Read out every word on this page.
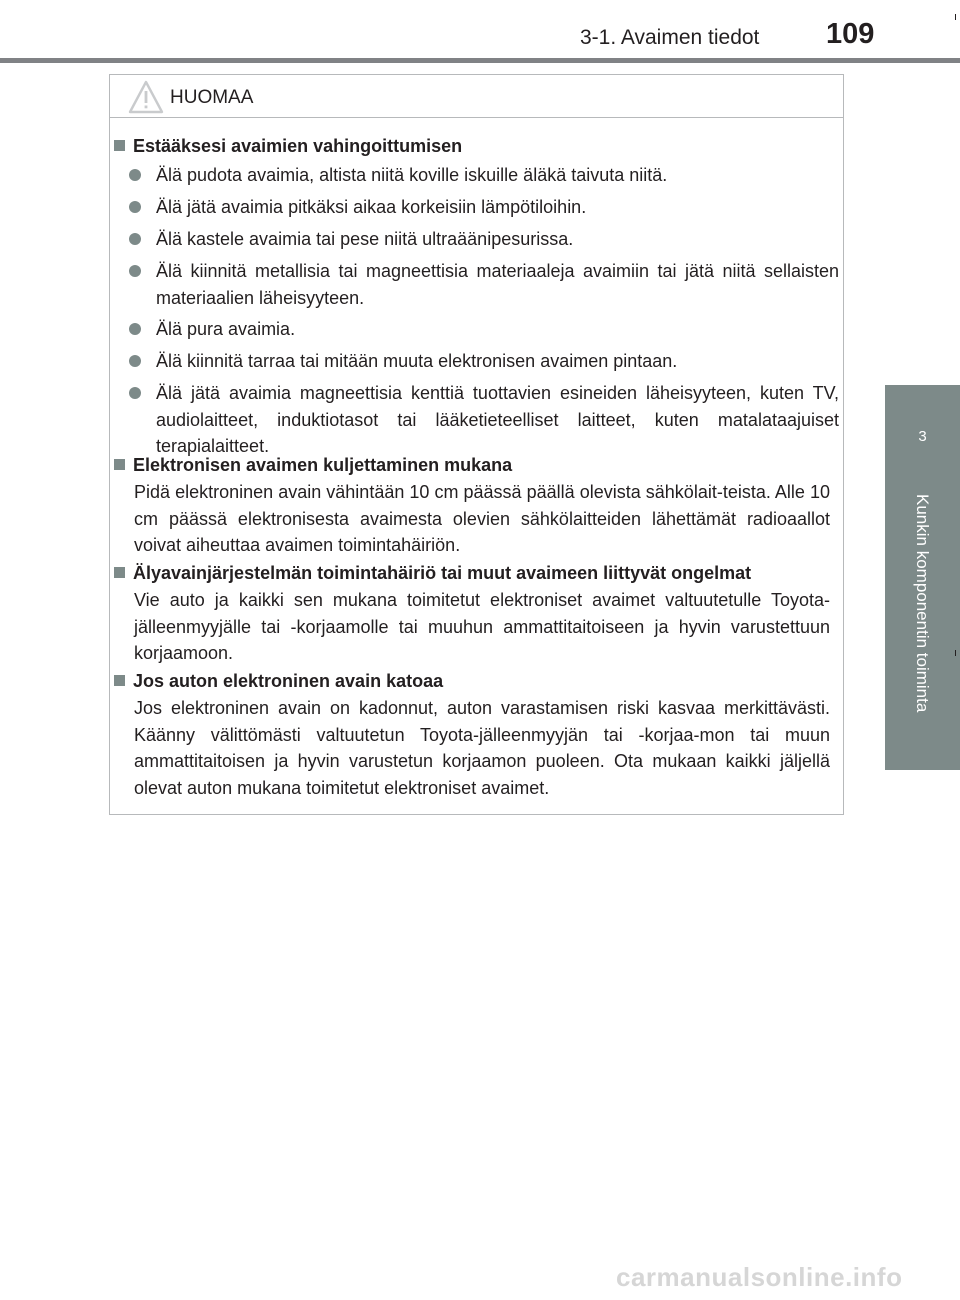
3-1. Avaimen tiedot 109
3
Kunkin komponentin toiminta
HUOMAA
Estääksesi avaimien vahingoittumisen
Älä pudota avaimia, altista niitä koville iskuille äläkä taivuta niitä.
Älä jätä avaimia pitkäksi aikaa korkeisiin lämpötiloihin.
Älä kastele avaimia tai pese niitä ultraäänipesurissa.
Älä kiinnitä metallisia tai magneettisia materiaaleja avaimiin tai jätä niitä sellaisten materiaalien läheisyyteen.
Älä pura avaimia.
Älä kiinnitä tarraa tai mitään muuta elektronisen avaimen pintaan.
Älä jätä avaimia magneettisia kenttiä tuottavien esineiden läheisyyteen, kuten TV, audiolaitteet, induktiotasot tai lääketieteelliset laitteet, kuten matalataajuiset terapialaitteet.
Elektronisen avaimen kuljettaminen mukana
Pidä elektroninen avain vähintään 10 cm päässä päällä olevista sähkölait-teista. Alle 10 cm päässä elektronisesta avaimesta olevien sähkölaitteiden lähettämät radioaallot voivat aiheuttaa avaimen toimintahäiriön.
Älyavainjärjestelmän toimintahäiriö tai muut avaimeen liittyvät ongelmat
Vie auto ja kaikki sen mukana toimitetut elektroniset avaimet valtuutetulle Toyota-jälleenmyyjälle tai -korjaamolle tai muuhun ammattitaitoiseen ja hyvin varustettuun korjaamoon.
Jos auton elektroninen avain katoaa
Jos elektroninen avain on kadonnut, auton varastamisen riski kasvaa merkittävästi. Käänny välittömästi valtuutetun Toyota-jälleenmyyjän tai -korjaa-mon tai muun ammattitaitoisen ja hyvin varustetun korjaamon puoleen. Ota mukaan kaikki jäljellä olevat auton mukana toimitetut elektroniset avaimet.
carmanualsonline.info
